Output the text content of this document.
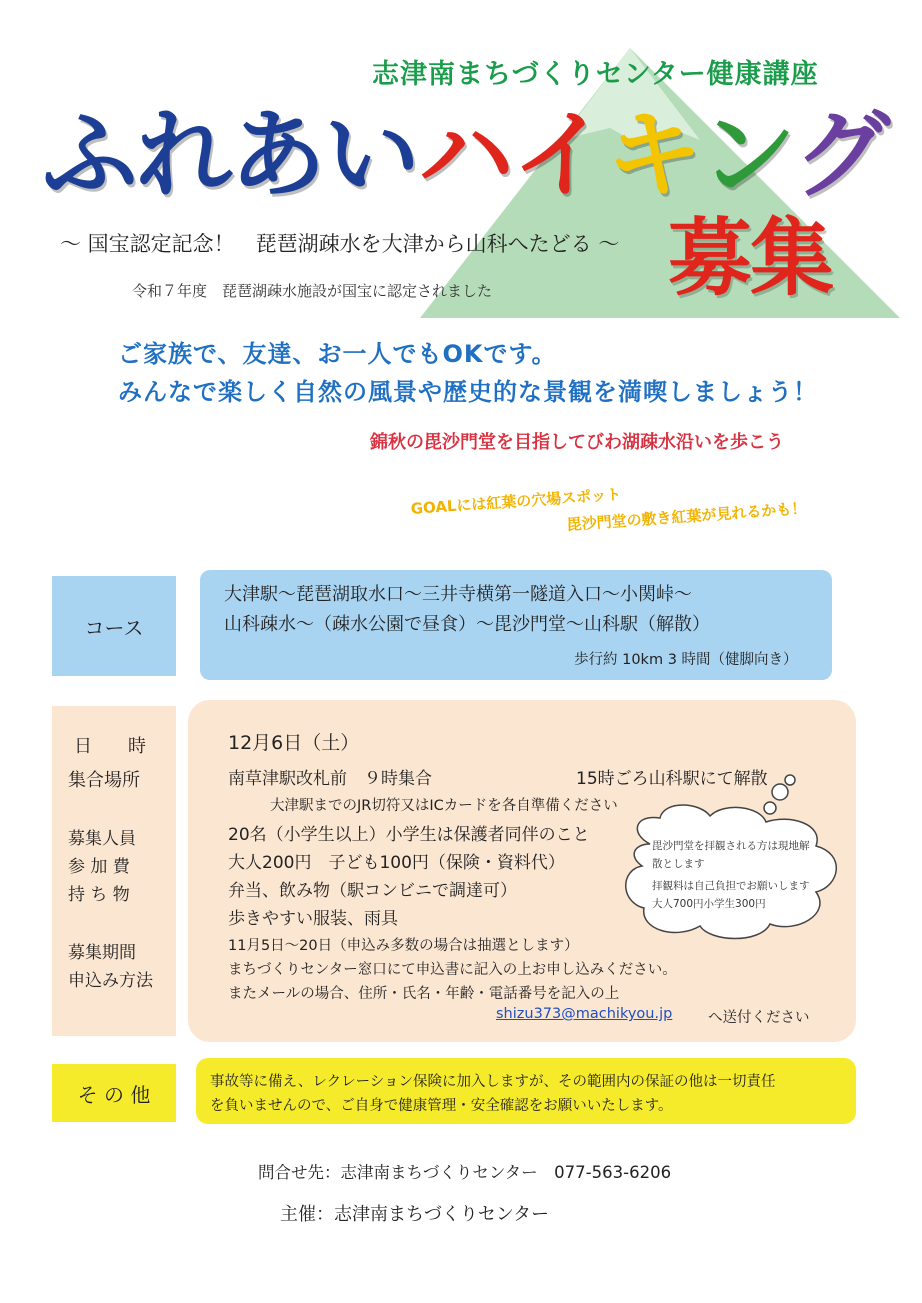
志津南まちづくりセンター健康講座
ふれあいハイキング
～ 国宝認定記念！　琵琶湖疎水を大津から山科へたどる ～ 募集
令和７年度　琵琶湖疎水施設が国宝に認定されました
ご家族で、友達、お一人でもOKです。
みんなで楽しく自然の風景や歴史的な景観を満喫しましょう！
錦秋の毘沙門堂を目指してびわ湖疎水沿いを歩こう
GOALには紅葉の穴場スポット
毘沙門堂の敷き紅葉が見れるかも！
コース
大津駅～琵琶湖取水口～三井寺横第一隧道入口～小関峠～
山科疎水～（疎水公園で昼食）～毘沙門堂～山科駅（解散）
歩行約 10km 3 時間（健脚向き）
日　　時
集合場所
募集人員
参 加 費
持 ち 物
募集期間
申込み方法
12月6日（土）
南草津駅改札前　９時集合	15時ごろ山科駅にて解散
大津駅までのJR切符又はICカードを各自準備ください
20名（小学生以上）小学生は保護者同伴のこと
大人200円　子ども100円（保険・資料代）
弁当、飲み物（駅コンビニで調達可）
歩きやすい服装、雨具
11月5日～20日（申込み多数の場合は抽選とします）
まちづくりセンター窓口にて申込書に記入の上お申し込みください。
またメールの場合、住所・氏名・年齢・電話番号を記入の上
shizu373@machikyou.jp へ送付ください
毘沙門堂を拝観される方は現地解
散とします
拝観料は自己負担でお願いします
大人700円小学生300円
そ の 他
事故等に備え、レクレーション保険に加入しますが、その範囲内の保証の他は一切責任
を負いませんので、ご自身で健康管理・安全確認をお願いいたします。
問合せ先：志津南まちづくりセンター　077-563-6206
主催：志津南まちづくりセンター
